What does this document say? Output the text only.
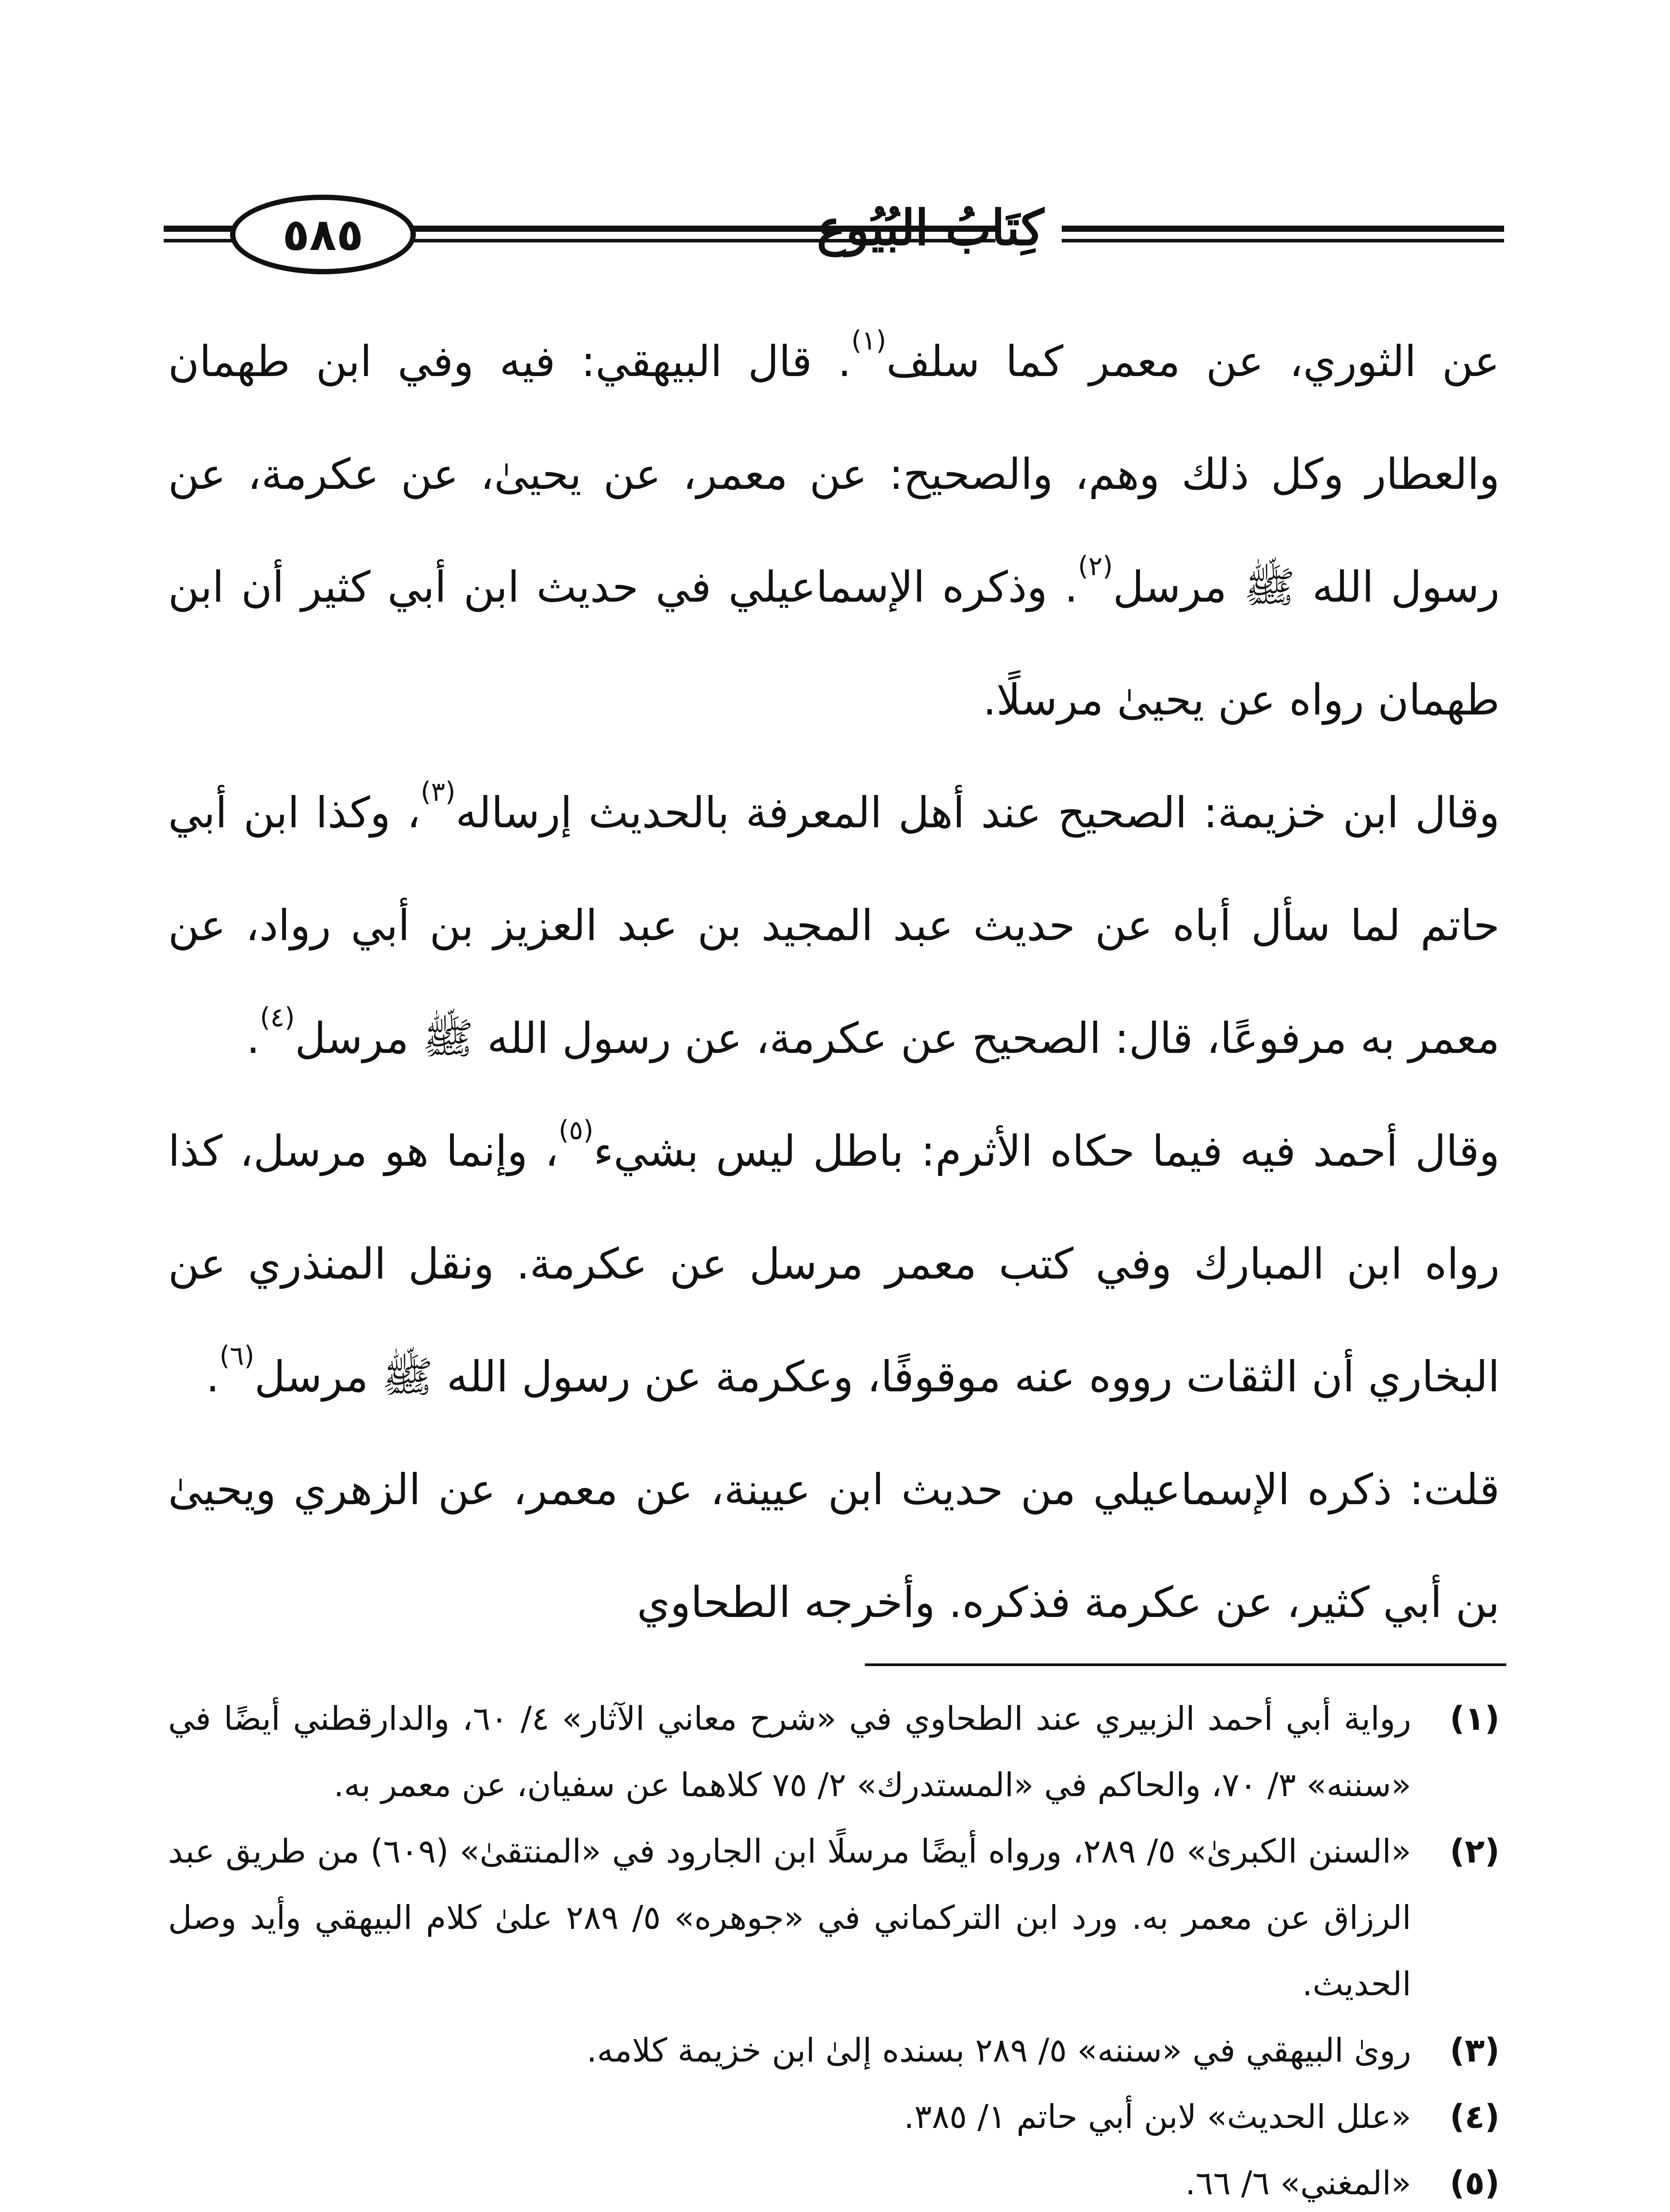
٥٨٥	كِتَابُ البُيُوع

عن الثوري، عن معمر كما سلف$^{(١)}$. قال البيهقي: فيه وفي ابن طهمان والعطار وكل ذلك وهم، والصحيح: عن معمر، عن يحيىٰ، عن عكرمة، عن رسول الله ﷺ مرسل$^{(٢)}$. وذكره الإسماعيلي في حديث ابن أبي كثير أن ابن طهمان رواه عن يحيىٰ مرسلًا.

وقال ابن خزيمة: الصحيح عند أهل المعرفة بالحديث إرساله$^{(٣)}$، وكذا ابن أبي حاتم لما سأل أباه عن حديث عبد المجيد بن عبد العزيز بن أبي رواد، عن معمر به مرفوعًا، قال: الصحيح عن عكرمة، عن رسول الله ﷺ مرسل$^{(٤)}$.

وقال أحمد فيه فيما حكاه الأثرم: باطل ليس بشيء$^{(٥)}$، وإنما هو مرسل، كذا رواه ابن المبارك وفي كتب معمر مرسل عن عكرمة. ونقل المنذري عن البخاري أن الثقات رووه عنه موقوفًا، وعكرمة عن رسول الله ﷺ مرسل$^{(٦)}$.

قلت: ذكره الإسماعيلي من حديث ابن عيينة، عن معمر، عن الزهري ويحيىٰ بن أبي كثير، عن عكرمة فذكره. وأخرجه الطحاوي

(١)
رواية أبي أحمد الزبيري عند الطحاوي في «شرح معاني الآثار» ٤/ ٦٠، والدارقطني أيضًا في «سننه» ٣/ ٧٠، والحاكم في «المستدرك» ٢/ ٧٥ كلاهما عن سفيان، عن معمر به.
(٢)
«السنن الكبرىٰ» ٥/ ٢٨٩، ورواه أيضًا مرسلًا ابن الجارود في «المنتقىٰ» (٦٠٩) من طريق عبد الرزاق عن معمر به. ورد ابن التركماني في «جوهره» ٥/ ٢٨٩ علىٰ كلام البيهقي وأيد وصل الحديث.
(٣)
روىٰ البيهقي في «سننه» ٥/ ٢٨٩ بسنده إلىٰ ابن خزيمة كلامه.
(٤)
«علل الحديث» لابن أبي حاتم ١/ ٣٨٥.
(٥)
«المغني» ٦/ ٦٦.
